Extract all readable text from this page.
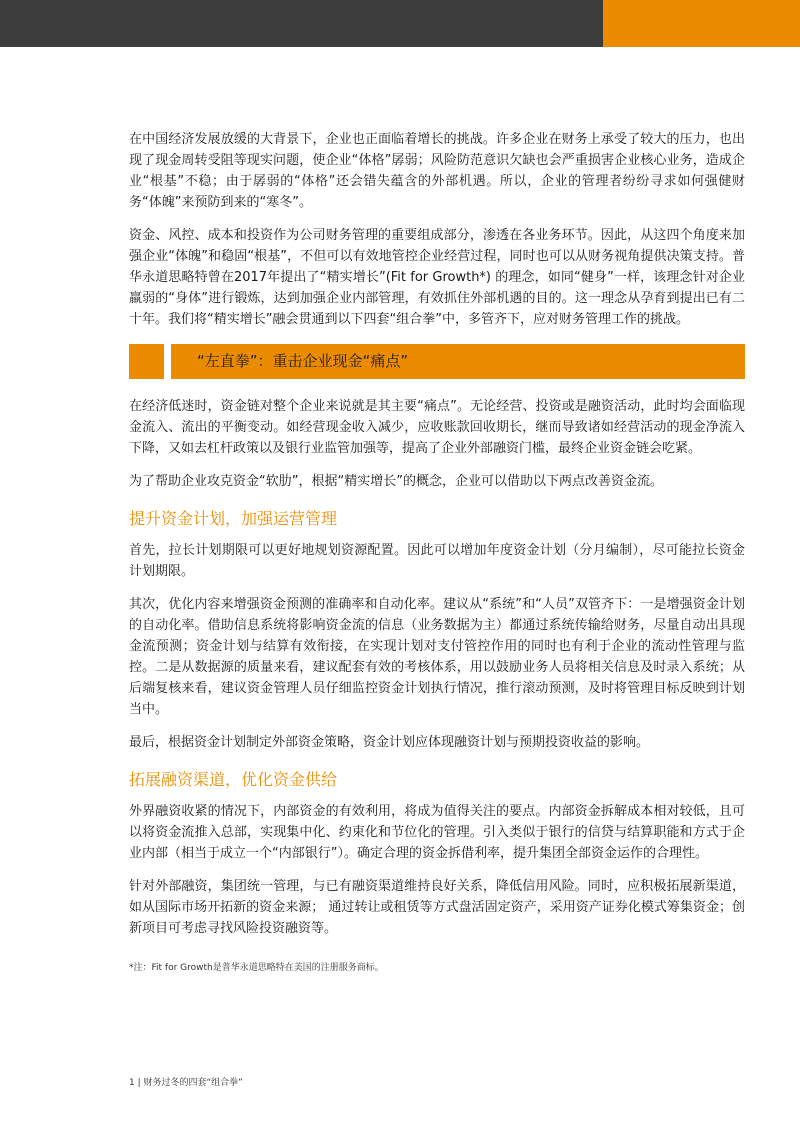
在中国经济发展放缓的大背景下，企业也正面临着增长的挑战。许多企业在财务上承受了较大的压力，也出现了现金周转受阻等现实问题，使企业“体格”孱弱；风险防范意识欠缺也会严重损害企业核心业务，造成企业“根基”不稳；由于孱弱的“体格”还会错失蕴含的外部机遇。所以，企业的管理者纷纷寻求如何强健财务“体魄”来预防到来的“寒冬”。

资金、风控、成本和投资作为公司财务管理的重要组成部分，渗透在各业务环节。因此，从这四个角度来加强企业“体魄”和稳固“根基”，不但可以有效地管控企业经营过程，同时也可以从财务视角提供决策支持。普华永道思略特曾在2017年提出了“精实增长”(Fit for Growth*) 的理念，如同“健身”一样，该理念针对企业羸弱的“身体”进行锻炼，达到加强企业内部管理，有效抓住外部机遇的目的。这一理念从孕育到提出已有二十年。我们将“精实增长”融会贯通到以下四套“组合拳”中，多管齐下，应对财务管理工作的挑战。

“左直拳”：重击企业现金“痛点”

在经济低迷时，资金链对整个企业来说就是其主要“痛点”。无论经营、投资或是融资活动，此时均会面临现金流入、流出的平衡变动。如经营现金收入减少，应收账款回收期长，继而导致诸如经营活动的现金净流入下降，又如去杠杆政策以及银行业监管加强等，提高了企业外部融资门槛，最终企业资金链会吃紧。

为了帮助企业攻克资金“软肋”，根据“精实增长”的概念，企业可以借助以下两点改善资金流。

提升资金计划，加强运营管理

首先，拉长计划期限可以更好地规划资源配置。因此可以增加年度资金计划（分月编制），尽可能拉长资金计划期限。

其次，优化内容来增强资金预测的准确率和自动化率。建议从“系统”和“人员”双管齐下：一是增强资金计划的自动化率。借助信息系统将影响资金流的信息（业务数据为主）都通过系统传输给财务，尽量自动出具现金流预测；资金计划与结算有效衔接，在实现计划对支付管控作用的同时也有利于企业的流动性管理与监控。二是从数据源的质量来看，建议配套有效的考核体系，用以鼓励业务人员将相关信息及时录入系统；从后端复核来看，建议资金管理人员仔细监控资金计划执行情况，推行滚动预测，及时将管理目标反映到计划当中。

最后，根据资金计划制定外部资金策略，资金计划应体现融资计划与预期投资收益的影响。

拓展融资渠道，优化资金供给

外界融资收紧的情况下，内部资金的有效利用，将成为值得关注的要点。内部资金拆解成本相对较低，且可以将资金流推入总部，实现集中化、约束化和节位化的管理。引入类似于银行的信贷与结算职能和方式于企业内部（相当于成立一个“内部银行”）。确定合理的资金拆借利率，提升集团全部资金运作的合理性。

针对外部融资，集团统一管理，与已有融资渠道维持良好关系，降低信用风险。同时，应积极拓展新渠道，如从国际市场开拓新的资金来源； 通过转让或租赁等方式盘活固定资产，采用资产证券化模式筹集资金；创新项目可考虑寻找风险投资融资等。

*注：Fit for Growth是普华永道思略特在美国的注册服务商标。

1 | 财务过冬的四套“组合拳”
